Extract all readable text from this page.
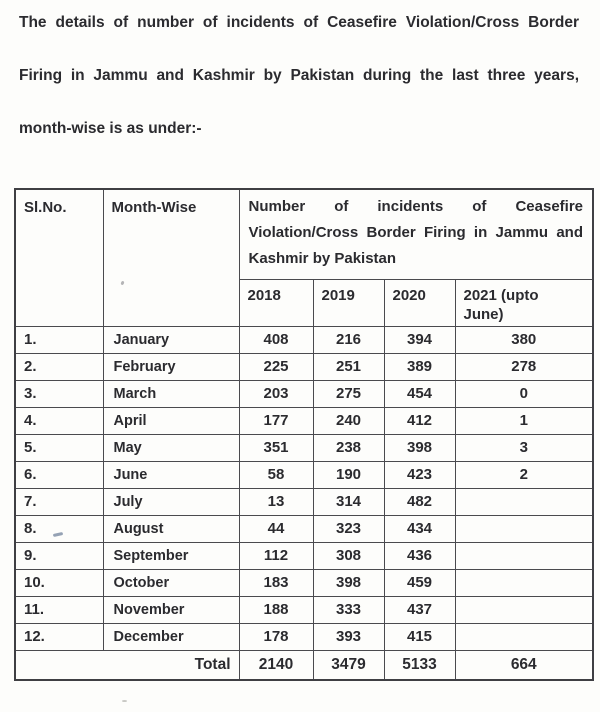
The details of number of incidents of Ceasefire Violation/Cross Border
Firing in Jammu and Kashmir by Pakistan during the last three years,
month-wise is as under:-
Sl.No.	Month-Wise	Number of incidents of Ceasefire
Violation/Cross Border Firing in Jammu and
Kashmir by Pakistan			

		2018	2019	2020	2021 (upto June)
1.	January	408	216	394	380
2.	February	225	251	389	278
3.	March	203	275	454	0
4.	April	177	240	412	1
5.	May	351	238	398	3
6.	June	58	190	423	2
7.	July	13	314	482	
8.	August	44	323	434	
9.	September	112	308	436	
10.	October	183	398	459	
11.	November	188	333	437	
12.	December	178	393	415	
Total		2140	3479	5133	664
